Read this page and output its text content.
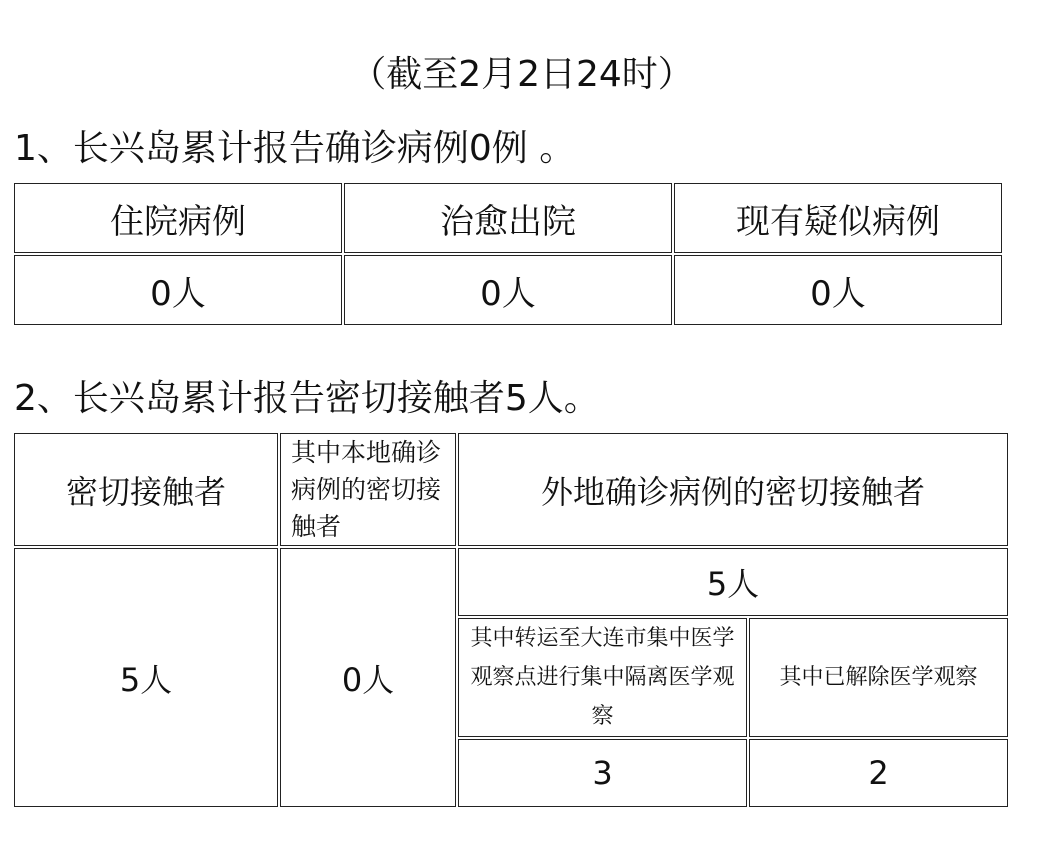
（截至2月2日24时）
1、长兴岛累计报告确诊病例0例 。
住院病例	治愈出院	现有疑似病例
0人	0人	0人
2、长兴岛累计报告密切接触者5人。
密切接触者	其中本地确诊病例的密切接触者	外地确诊病例的密切接触者	
5人	0人	5人	
		其中转运至大连市集中医学观察点进行集中隔离医学观察	其中已解除医学观察
		3	2
